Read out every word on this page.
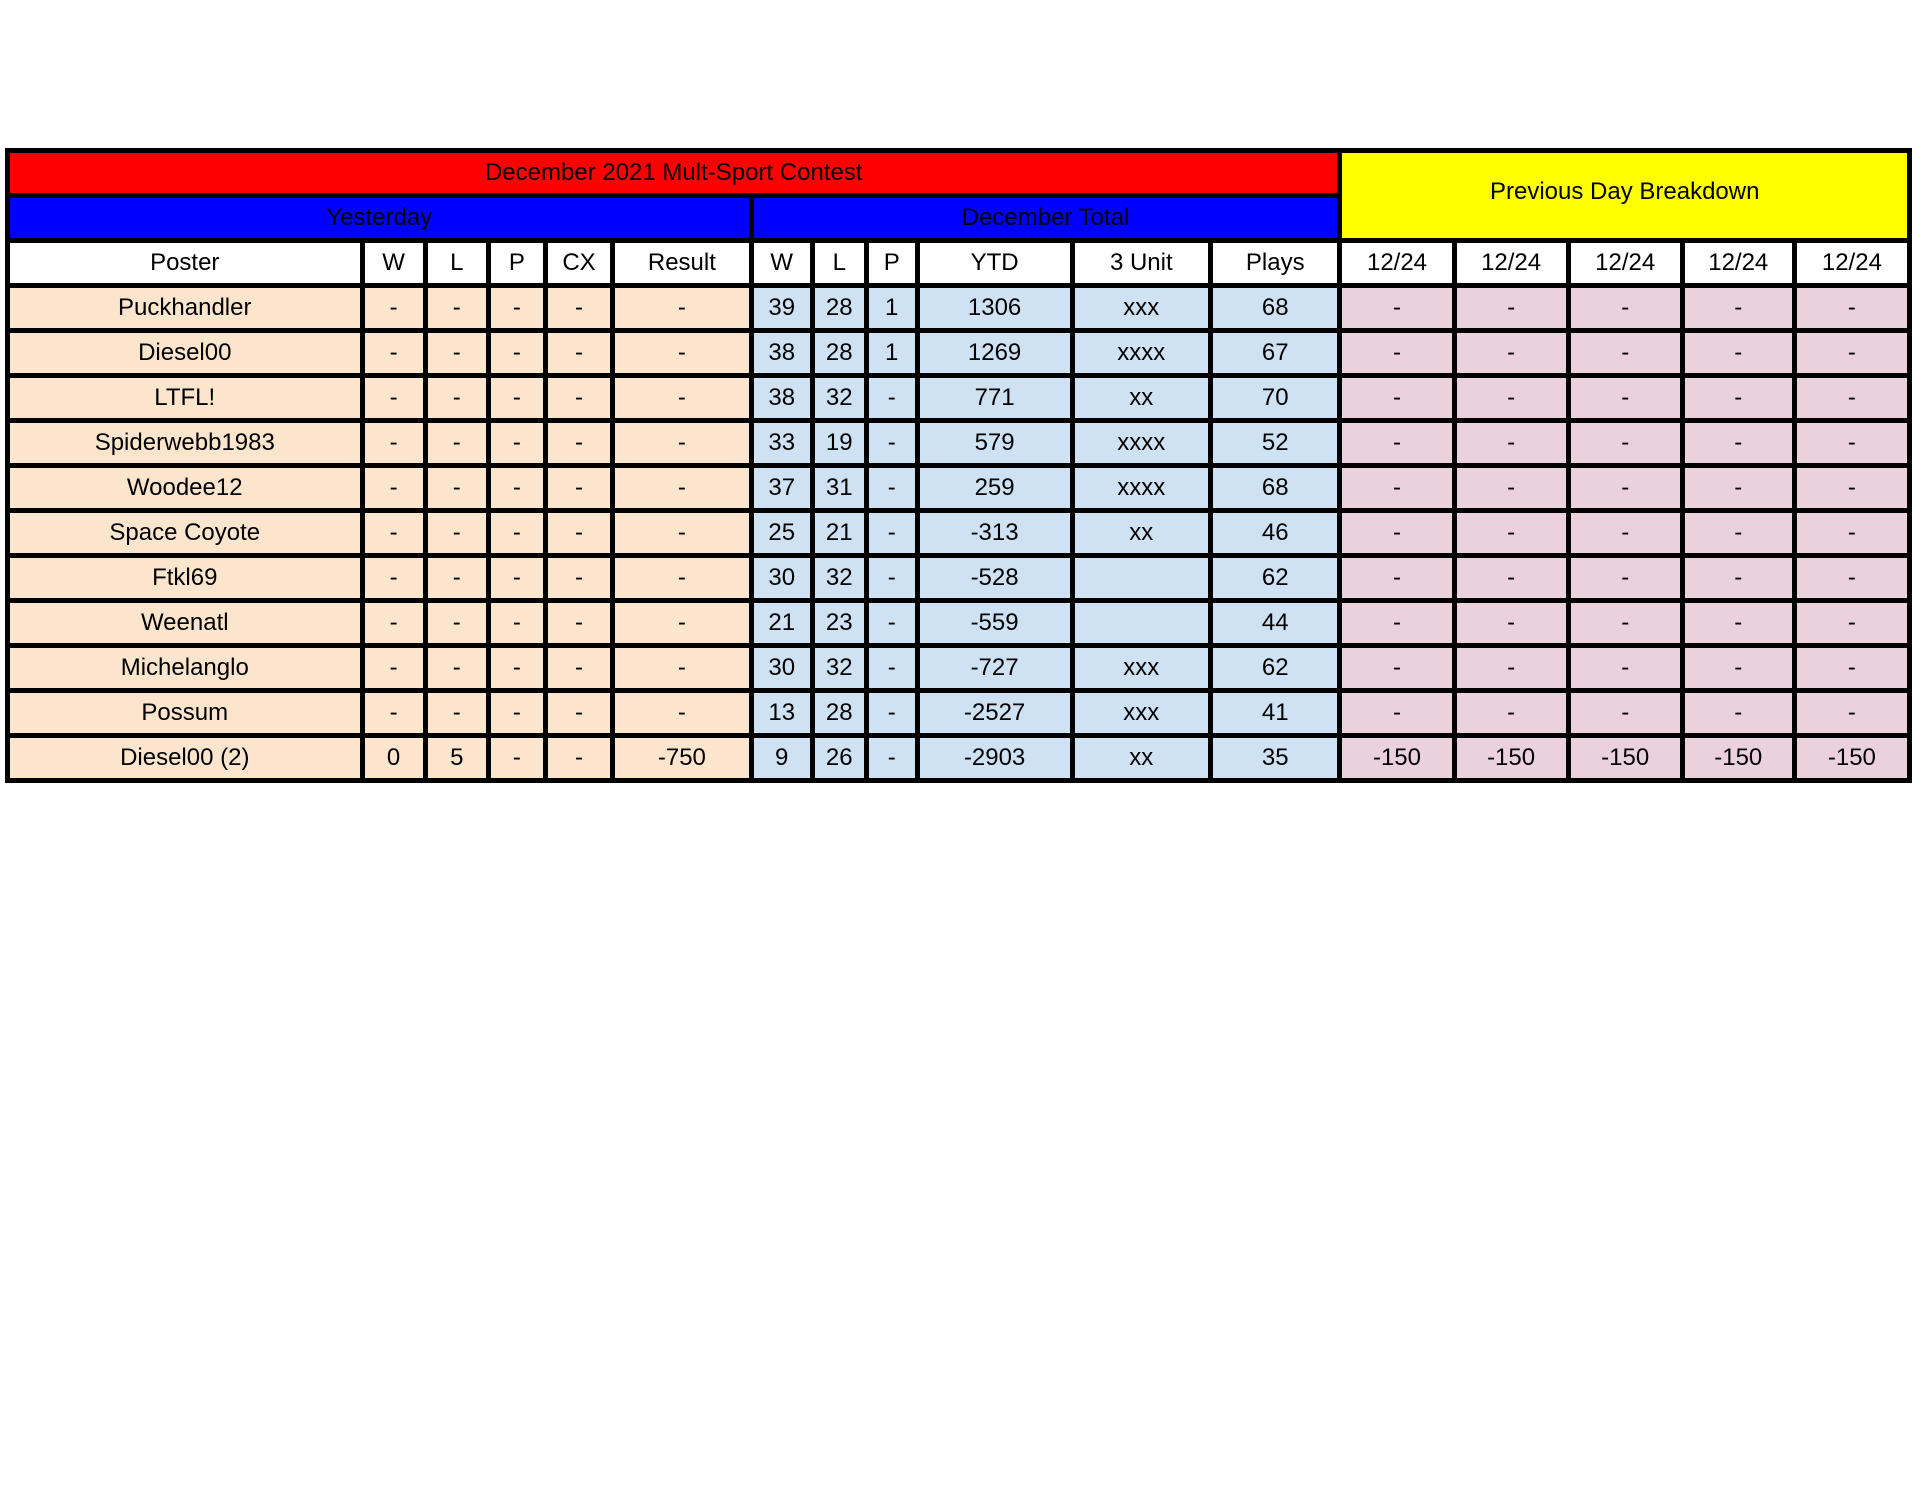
December 2021 Mult-Sport Contest												Previous Day Breakdown				

Yesterday						December Total										
Poster	W	L	P	CX	Result	W	L	P	YTD	3 Unit	Plays	12/24	12/24	12/24	12/24	12/24
Puckhandler	-	-	-	-	-	39	28	1	1306	xxx	68	-	-	-	-	-
Diesel00	-	-	-	-	-	38	28	1	1269	xxxx	67	-	-	-	-	-
LTFL!	-	-	-	-	-	38	32	-	771	xx	70	-	-	-	-	-
Spiderwebb1983	-	-	-	-	-	33	19	-	579	xxxx	52	-	-	-	-	-
Woodee12	-	-	-	-	-	37	31	-	259	xxxx	68	-	-	-	-	-
Space Coyote	-	-	-	-	-	25	21	-	-313	xx	46	-	-	-	-	-
Ftkl69	-	-	-	-	-	30	32	-	-528		62	-	-	-	-	-
Weenatl	-	-	-	-	-	21	23	-	-559		44	-	-	-	-	-
Michelanglo	-	-	-	-	-	30	32	-	-727	xxx	62	-	-	-	-	-
Possum	-	-	-	-	-	13	28	-	-2527	xxx	41	-	-	-	-	-
Diesel00 (2)	0	5	-	-	-750	9	26	-	-2903	xx	35	-150	-150	-150	-150	-150
